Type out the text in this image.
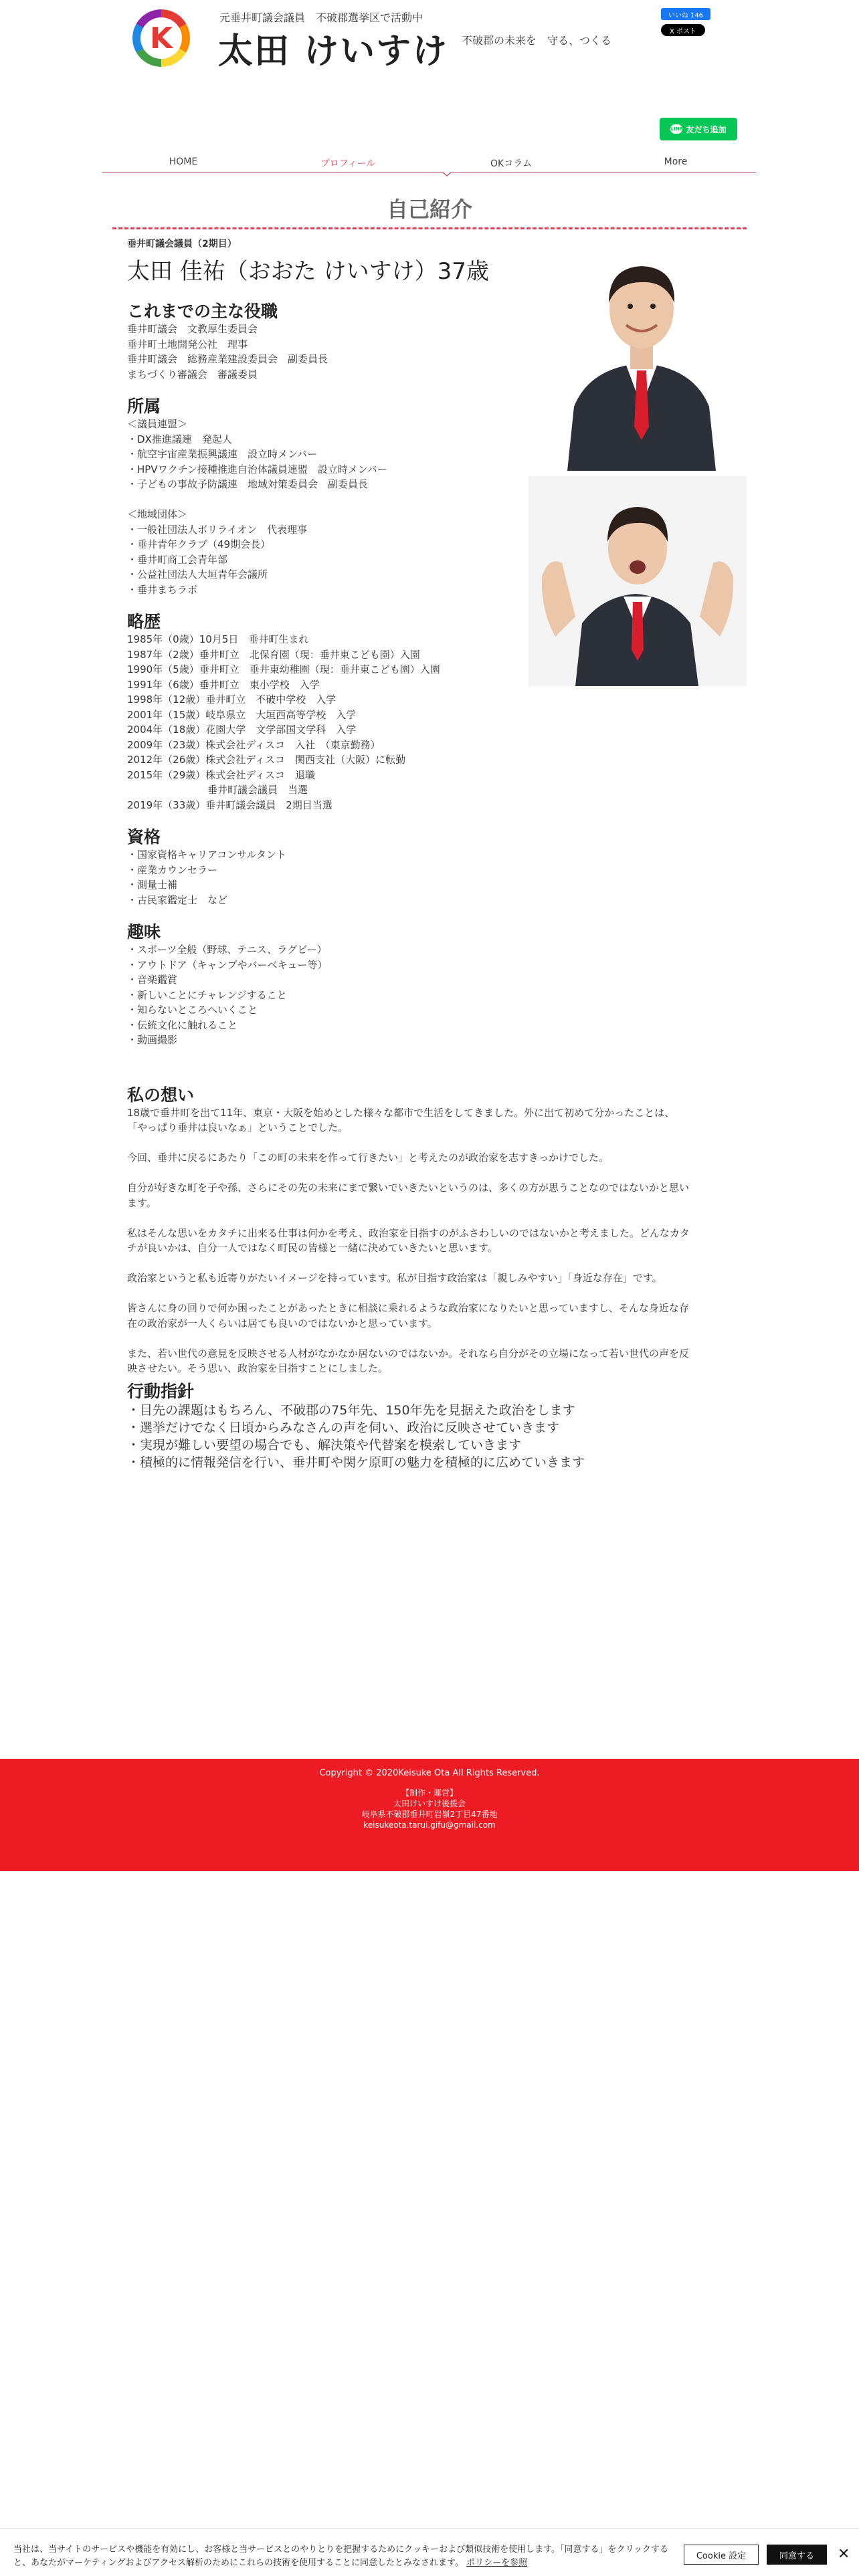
K
元垂井町議会議員　不破郡選挙区で活動中
太田 けいすけ 不破郡の未来を　守る、つくる
いいね 146
X ポスト
LINE 友だち追加
HOME	プロフィール	OKコラム	More
自己紹介
垂井町議会議員（2期目）
太田 佳祐（おおた けいすけ）37歳
これまでの主な役職
垂井町議会　文教厚生委員会
垂井町土地開発公社　理事
垂井町議会　総務産業建設委員会　副委員長
まちづくり審議会　審議委員
所属
＜議員連盟＞
・DX推進議連　発起人
・航空宇宙産業振興議連　設立時メンバー
・HPVワクチン接種推進自治体議員連盟　設立時メンバー
・子どもの事故予防議連　地域対策委員会　副委員長

＜地域団体＞
・一般社団法人ボリライオン　代表理事
・垂井青年クラブ（49期会長）
・垂井町商工会青年部
・公益社団法人大垣青年会議所
・垂井まちラボ
略歴
1985年（0歳）10月5日　垂井町生まれ
1987年（2歳）垂井町立　北保育園（現：垂井東こども園）入園
1990年（5歳）垂井町立　垂井東幼稚園（現：垂井東こども園）入園
1991年（6歳）垂井町立　東小学校　入学
1998年（12歳）垂井町立　不破中学校　入学
2001年（15歳）岐阜県立　大垣西高等学校　入学
2004年（18歳）花園大学　文学部国文学科　入学
2009年（23歳）株式会社ディスコ　入社　（東京勤務）
2012年（26歳）株式会社ディスコ　関西支社（大阪）に転勤
2015年（29歳）株式会社ディスコ　退職
　　　　　　　　垂井町議会議員　当選
2019年（33歳）垂井町議会議員　2期目当選
資格
・国家資格キャリアコンサルタント
・産業カウンセラー
・測量士補
・古民家鑑定士　など
趣味
・スポーツ全般（野球、テニス、ラグビー）
・アウトドア（キャンプやバーベキュー等）
・音楽鑑賞
・新しいことにチャレンジすること
・知らないところへいくこと
・伝統文化に触れること
・動画撮影
私の想い
18歳で垂井町を出て11年、東京・大阪を始めとした様々な都市で生活をしてきました。外に出て初めて分かったことは、
「やっぱり垂井は良いなぁ」ということでした。

今回、垂井に戻るにあたり「この町の未来を作って行きたい」と考えたのが政治家を志すきっかけでした。

自分が好きな町を子や孫、さらにその先の未来にまで繋いでいきたいというのは、多くの方が思うことなのではないかと思い
ます。

私はそんな思いをカタチに出来る仕事は何かを考え、政治家を目指すのがふさわしいのではないかと考えました。どんなカタ
チが良いかは、自分一人ではなく町民の皆様と一緒に決めていきたいと思います。

政治家というと私も近寄りがたいイメージを持っています。私が目指す政治家は「親しみやすい」「身近な存在」です。

皆さんに身の回りで何か困ったことがあったときに相談に乗れるような政治家になりたいと思っていますし、そんな身近な存
在の政治家が一人くらいは居ても良いのではないかと思っています。

また、若い世代の意見を反映させる人材がなかなか居ないのではないか。それなら自分がその立場になって若い世代の声を反
映させたい。そう思い、政治家を目指すことにしました。
行動指針
・目先の課題はもちろん、不破郡の75年先、150年先を見据えた政治をします
・選挙だけでなく日頃からみなさんの声を伺い、政治に反映させていきます
・実現が難しい要望の場合でも、解決策や代替案を模索していきます
・積極的に情報発信を行い、垂井町や関ケ原町の魅力を積極的に広めていきます
Copyright © 2020Keisuke Ota All Rights Reserved.
【制作・運営】
太田けいすけ後援会
岐阜県不破郡垂井町岩嶺2丁目47番地
keisukeota.tarui.gifu@gmail.com
当社は、当サイトのサービスや機能を有効にし、お客様と当サービスとのやりとりを把握するためにクッキーおよび類似技術を使用します。「同意する」をクリックすると、あなたがマーケティングおよびアクセス解析のためにこれらの技術を使用することに同意したとみなされます。 ポリシーを参照
Cookie 設定	同意する	✕
